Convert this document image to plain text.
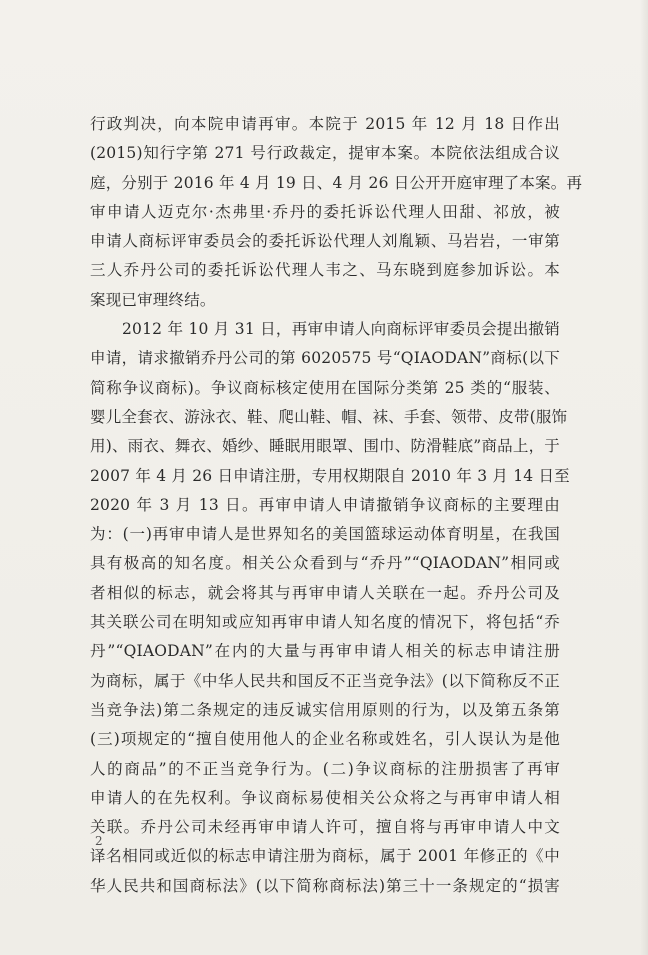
行政判决，向本院申请再审。本院于 2015 年 12 月 18 日作出
(2015)知行字第 271 号行政裁定，提审本案。本院依法组成合议
庭，分别于 2016 年 4 月 19 日、4 月 26 日公开开庭审理了本案。再
审申请人迈克尔·杰弗里·乔丹的委托诉讼代理人田甜、祁放，被
申请人商标评审委员会的委托诉讼代理人刘胤颖、马岩岩，一审第
三人乔丹公司的委托诉讼代理人韦之、马东晓到庭参加诉讼。本
案现已审理终结。
2012 年 10 月 31 日，再审申请人向商标评审委员会提出撤销
申请，请求撤销乔丹公司的第 6020575 号“QIAODAN”商标(以下
简称争议商标)。争议商标核定使用在国际分类第 25 类的“服装、
婴儿全套衣、游泳衣、鞋、爬山鞋、帽、袜、手套、领带、皮带(服饰
用)、雨衣、舞衣、婚纱、睡眠用眼罩、围巾、防滑鞋底”商品上，于
2007 年 4 月 26 日申请注册，专用权期限自 2010 年 3 月 14 日至
2020 年 3 月 13 日。再审申请人申请撤销争议商标的主要理由
为：(一)再审申请人是世界知名的美国篮球运动体育明星，在我国
具有极高的知名度。相关公众看到与“乔丹”“QIAODAN”相同或
者相似的标志，就会将其与再审申请人关联在一起。乔丹公司及
其关联公司在明知或应知再审申请人知名度的情况下，将包括“乔
丹”“QIAODAN”在内的大量与再审申请人相关的标志申请注册
为商标，属于《中华人民共和国反不正当竞争法》(以下简称反不正
当竞争法)第二条规定的违反诚实信用原则的行为，以及第五条第
(三)项规定的“擅自使用他人的企业名称或姓名，引人误认为是他
人的商品”的不正当竞争行为。(二)争议商标的注册损害了再审
申请人的在先权利。争议商标易使相关公众将之与再审申请人相
关联。乔丹公司未经再审申请人许可，擅自将与再审申请人中文
译名相同或近似的标志申请注册为商标，属于 2001 年修正的《中
华人民共和国商标法》(以下简称商标法)第三十一条规定的“损害
2
